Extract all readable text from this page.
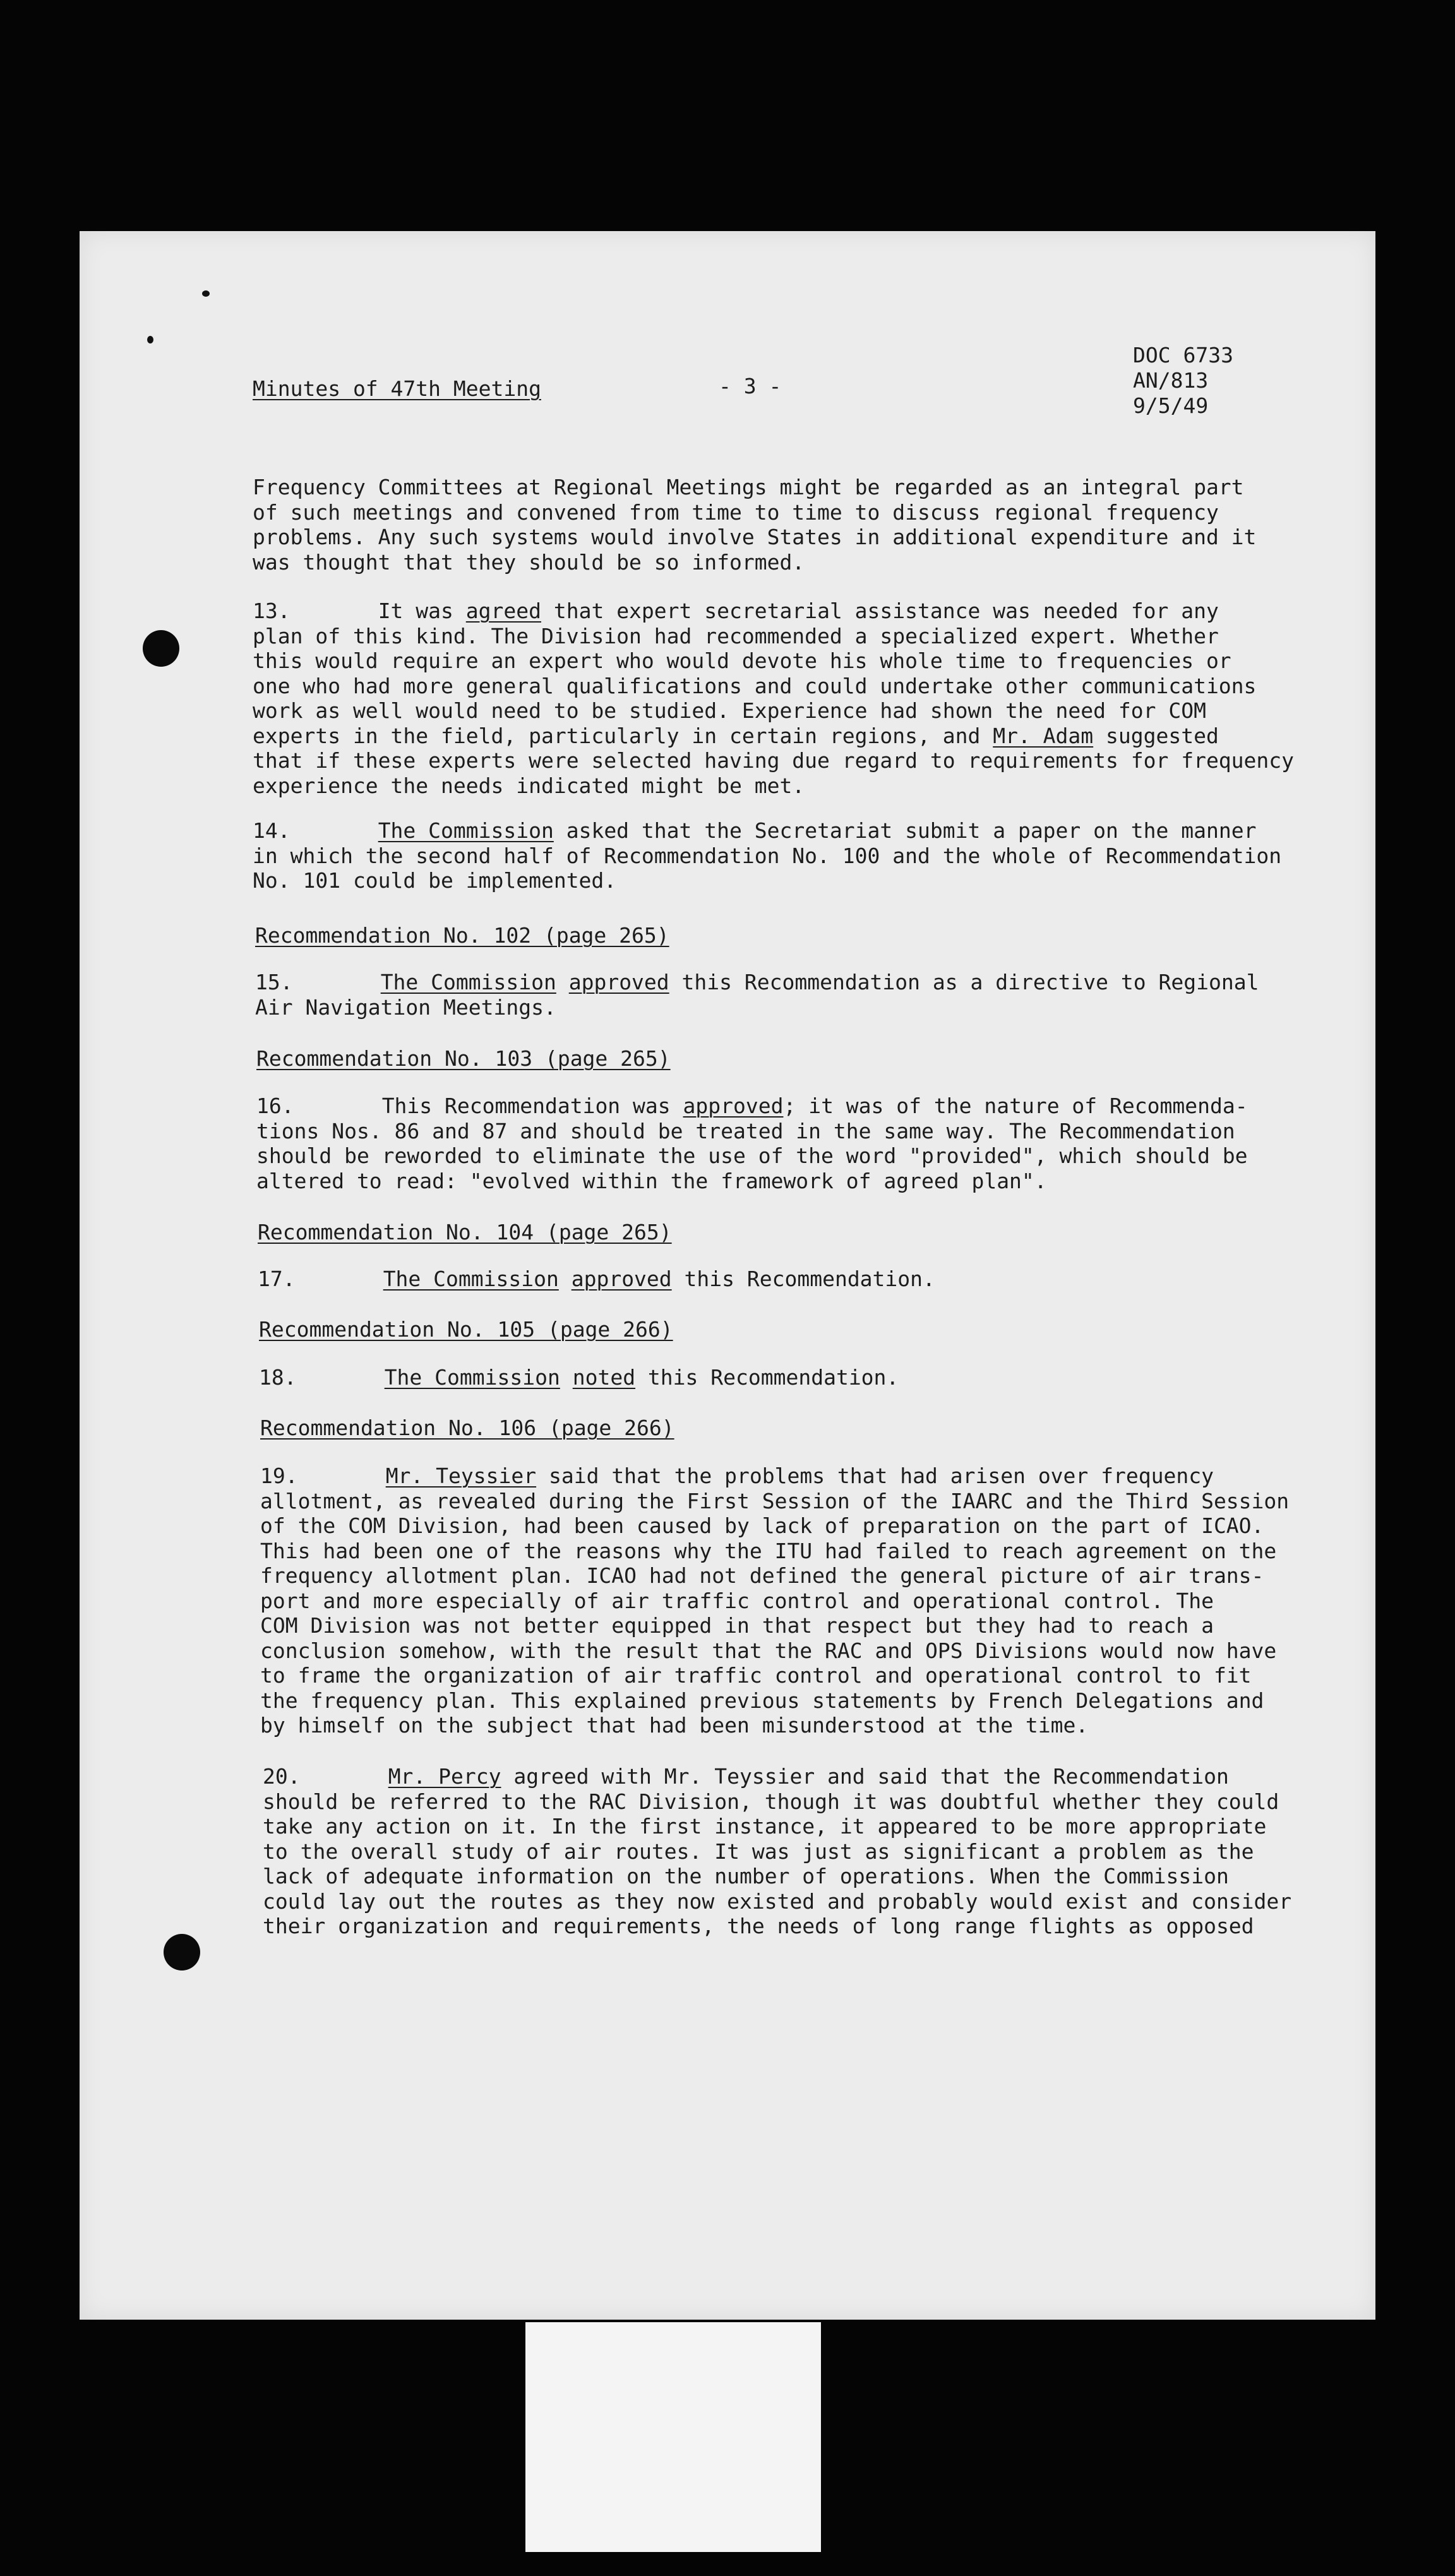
Minutes of 47th Meeting	- 3 -
DOC 6733
AN/813
9/5/49
Frequency Committees at Regional Meetings might be regarded as an integral part
of such meetings and convened from time to time to discuss regional frequency
problems. Any such systems would involve States in additional expenditure and it
was thought that they should be so informed.
13.	It was agreed that expert secretarial assistance was needed for any
plan of this kind. The Division had recommended a specialized expert. Whether
this would require an expert who would devote his whole time to frequencies or
one who had more general qualifications and could undertake other communications
work as well would need to be studied. Experience had shown the need for COM
experts in the field, particularly in certain regions, and Mr. Adam suggested
that if these experts were selected having due regard to requirements for frequency
experience the needs indicated might be met.
14.	The Commission asked that the Secretariat submit a paper on the manner
in which the second half of Recommendation No. 100 and the whole of Recommendation
No. 101 could be implemented.
Recommendation No. 102 (page 265)
15.	The Commission approved this Recommendation as a directive to Regional
Air Navigation Meetings.
Recommendation No. 103 (page 265)
16.	This Recommendation was approved; it was of the nature of Recommenda-
tions Nos. 86 and 87 and should be treated in the same way. The Recommendation
should be reworded to eliminate the use of the word "provided", which should be
altered to read: "evolved within the framework of agreed plan".
Recommendation No. 104 (page 265)
17.	The Commission approved this Recommendation.
Recommendation No. 105 (page 266)
18.	The Commission noted this Recommendation.
Recommendation No. 106 (page 266)
19.	Mr. Teyssier said that the problems that had arisen over frequency
allotment, as revealed during the First Session of the IAARC and the Third Session
of the COM Division, had been caused by lack of preparation on the part of ICAO.
This had been one of the reasons why the ITU had failed to reach agreement on the
frequency allotment plan. ICAO had not defined the general picture of air trans-
port and more especially of air traffic control and operational control. The
COM Division was not better equipped in that respect but they had to reach a
conclusion somehow, with the result that the RAC and OPS Divisions would now have
to frame the organization of air traffic control and operational control to fit
the frequency plan. This explained previous statements by French Delegations and
by himself on the subject that had been misunderstood at the time.
20.	Mr. Percy agreed with Mr. Teyssier and said that the Recommendation
should be referred to the RAC Division, though it was doubtful whether they could
take any action on it. In the first instance, it appeared to be more appropriate
to the overall study of air routes. It was just as significant a problem as the
lack of adequate information on the number of operations. When the Commission
could lay out the routes as they now existed and probably would exist and consider
their organization and requirements, the needs of long range flights as opposed
